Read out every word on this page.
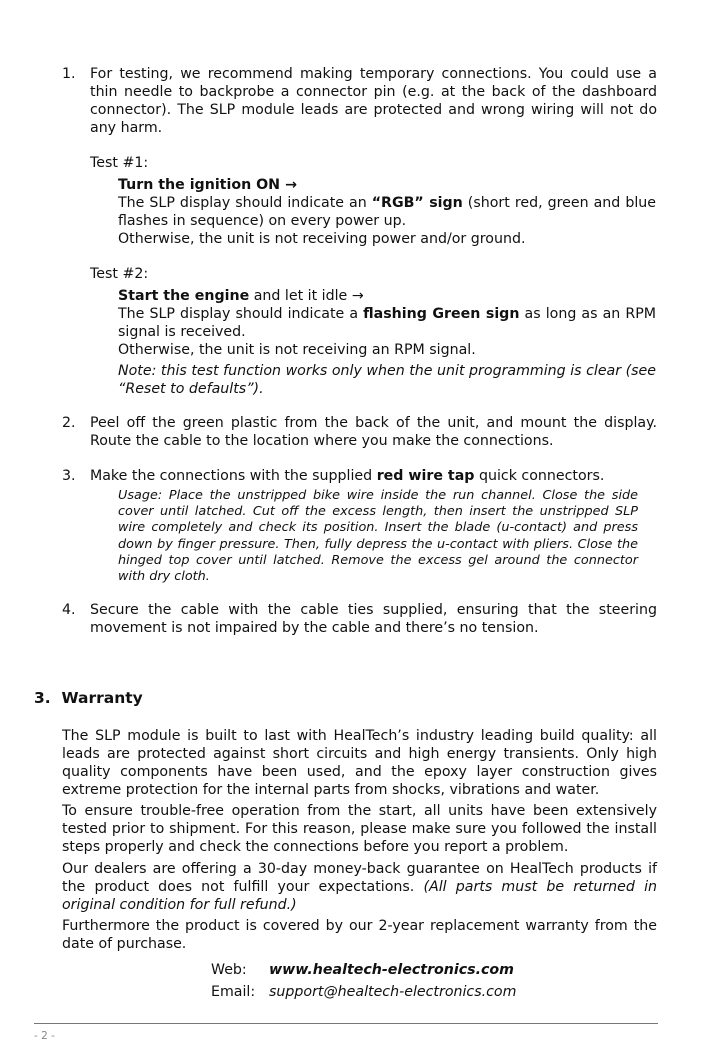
1.	For testing, we recommend making temporary connections. You could use a thin needle to backprobe a connector pin (e.g. at the back of the dashboard connector). The SLP module leads are protected and wrong wiring will not do any harm.
Test #1:
Turn the ignition ON →
The SLP display should indicate an “RGB” sign (short red, green and blue flashes in sequence) on every power up.
Otherwise, the unit is not receiving power and/or ground.
Test #2:
Start the engine and let it idle →
The SLP display should indicate a flashing Green sign as long as an RPM signal is received.
Otherwise, the unit is not receiving an RPM signal.
Note: this test function works only when the unit programming is clear (see “Reset to defaults”).
2.	Peel off the green plastic from the back of the unit, and mount the display. Route the cable to the location where you make the connections.
3.	Make the connections with the supplied red wire tap quick connectors.
Usage: Place the unstripped bike wire inside the run channel. Close the side cover until latched. Cut off the excess length, then insert the unstripped SLP wire completely and check its position. Insert the blade (u-contact) and press down by finger pressure. Then, fully depress the u-contact with pliers. Close the hinged top cover until latched. Remove the excess gel around the connector with dry cloth.
4.	Secure the cable with the cable ties supplied, ensuring that the steering movement is not impaired by the cable and there’s no tension.
3.  Warranty
The SLP module is built to last with HealTech’s industry leading build quality: all leads are protected against short circuits and high energy transients. Only high quality components have been used, and the epoxy layer construction gives extreme protection for the internal parts from shocks, vibrations and water.
To ensure trouble-free operation from the start, all units have been extensively tested prior to shipment. For this reason, please make sure you followed the install steps properly and check the connections before you report a problem.
Our dealers are offering a 30-day money-back guarantee on HealTech products if the product does not fulfill your expectations. (All parts must be returned in original condition for full refund.)
Furthermore the product is covered by our 2-year replacement warranty from the date of purchase.
Web: www.healtech-electronics.com
Email: support@healtech-electronics.com
- 2 -
